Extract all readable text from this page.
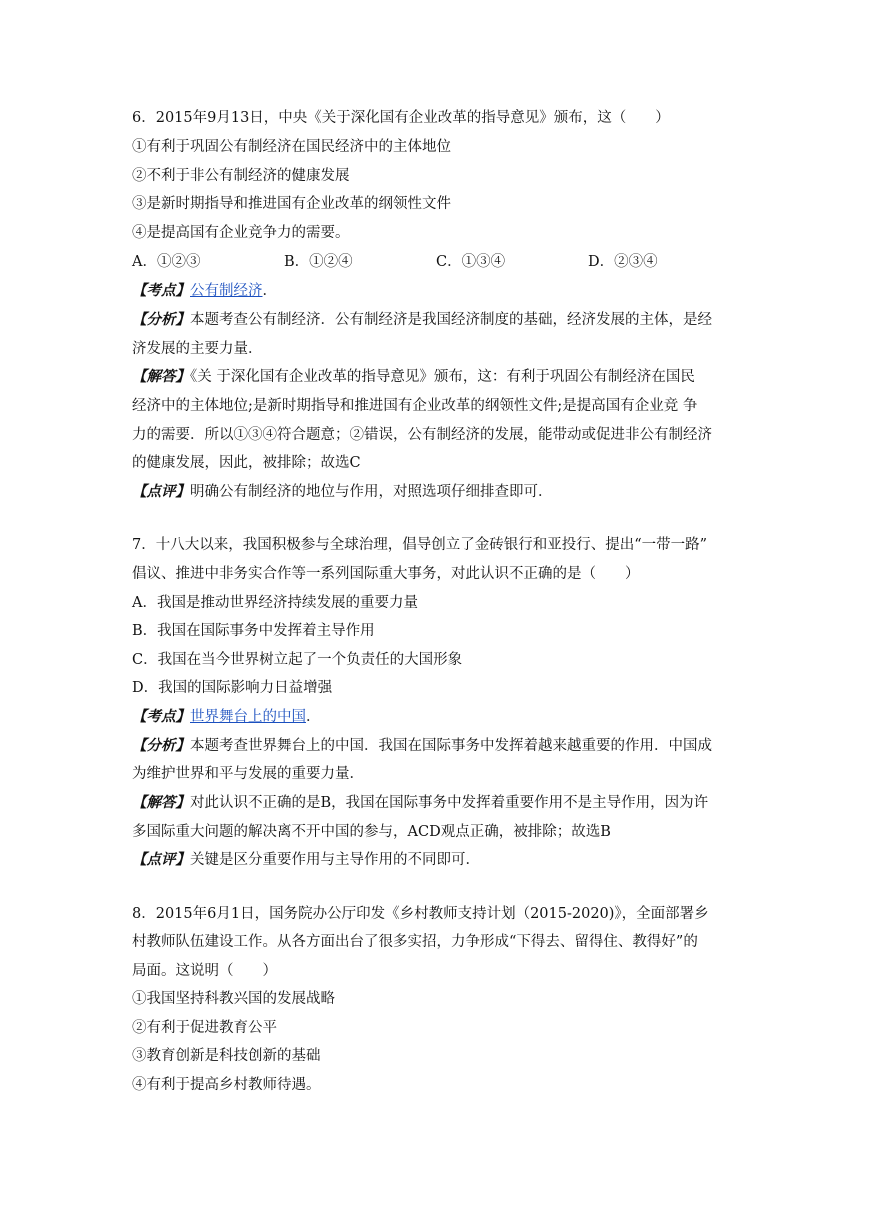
6．2015年9月13日，中央《关于深化国有企业改革的指导意见》颁布，这（　　）
①有利于巩固公有制经济在国民经济中的主体地位
②不利于非公有制经济的健康发展
③是新时期指导和推进国有企业改革的纲领性文件
④是提高国有企业竞争力的需要。
A．①②③	B．①②④	C．①③④	D．②③④
【考点】公有制经济．
【分析】本题考查公有制经济．公有制经济是我国经济制度的基础，经济发展的主体，是经
济发展的主要力量．
【解答】《关 于深化国有企业改革的指导意见》颁布，这：有利于巩固公有制经济在国民
经济中的主体地位;是新时期指导和推进国有企业改革的纲领性文件;是提高国有企业竞 争
力的需要．所以①③④符合题意；②错误，公有制经济的发展，能带动或促进非公有制经济
的健康发展，因此，被排除；故选C
【点评】明确公有制经济的地位与作用，对照选项仔细排查即可．
7．十八大以来，我国积极参与全球治理，倡导创立了金砖银行和亚投行、提出“一带一路”
倡议、推进中非务实合作等一系列国际重大事务，对此认识不正确的是（　　）
A．我国是推动世界经济持续发展的重要力量
B．我国在国际事务中发挥着主导作用
C．我国在当今世界树立起了一个负责任的大国形象
D．我国的国际影响力日益增强
【考点】世界舞台上的中国．
【分析】本题考查世界舞台上的中国．我国在国际事务中发挥着越来越重要的作用．中国成
为维护世界和平与发展的重要力量．
【解答】对此认识不正确的是B，我国在国际事务中发挥着重要作用不是主导作用，因为许
多国际重大问题的解决离不开中国的参与，ACD观点正确，被排除；故选B
【点评】关键是区分重要作用与主导作用的不同即可．
8．2015年6月1日，国务院办公厅印发《乡村教师支持计划（2015-2020)》，全面部署乡
村教师队伍建设工作。从各方面出台了很多实招，力争形成“下得去、留得住、教得好”的
局面。这说明（　　）
①我国坚持科教兴国的发展战略
②有利于促进教育公平
③教育创新是科技创新的基础
④有利于提高乡村教师待遇。
